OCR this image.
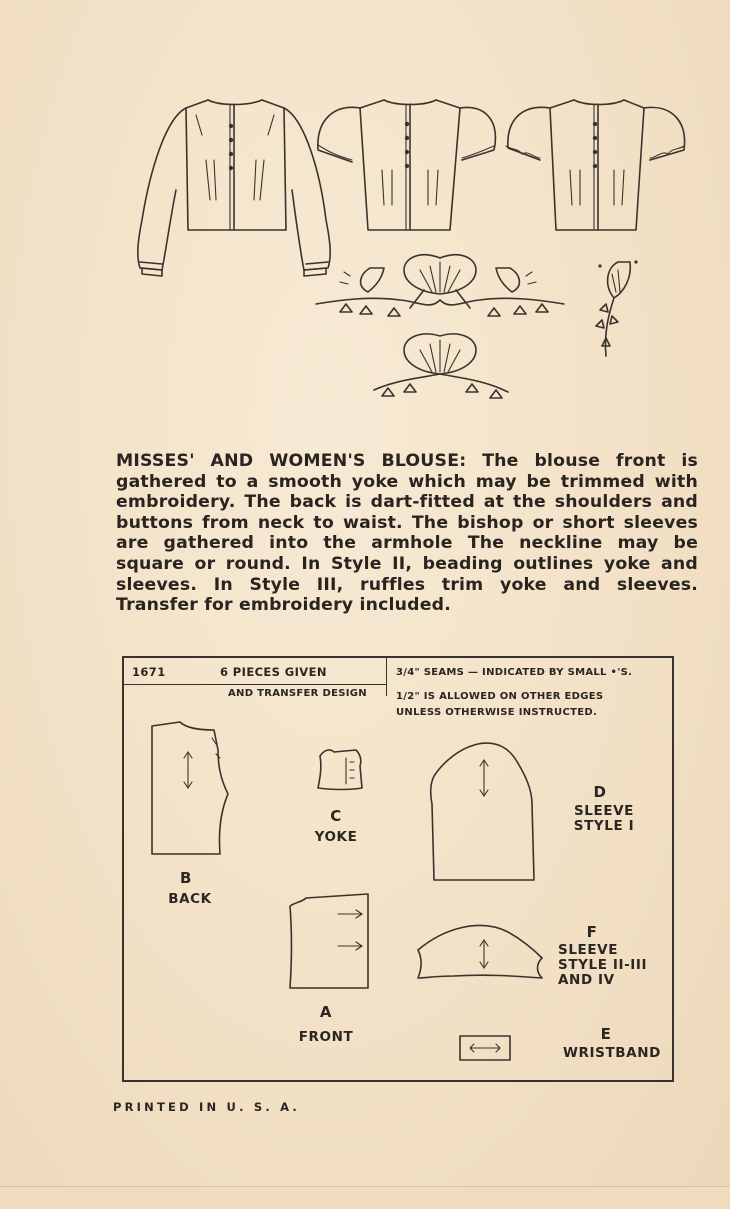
MISSES' AND WOMEN'S BLOUSE: The blouse front is gathered to a smooth yoke which may be trimmed with embroidery. The back is dart-fitted at the shoulders and buttons from neck to waist. The bishop or short sleeves are gathered into the armhole The neckline may be square or round. In Style II, beading outlines yoke and sleeves. In Style III, ruffles trim yoke and sleeves. Transfer for embroidery included.
1671	6 PIECES GIVEN
AND TRANSFER DESIGN
3/4" SEAMS — INDICATED BY SMALL •'S.
1/2" IS ALLOWED ON OTHER EDGES
UNLESS OTHERWISE INSTRUCTED.
B
BACK
C
YOKE
A
FRONT
D
SLEEVE
STYLE I
F
SLEEVE
STYLE II-III
AND IV
E
WRISTBAND
PRINTED IN U. S. A.
